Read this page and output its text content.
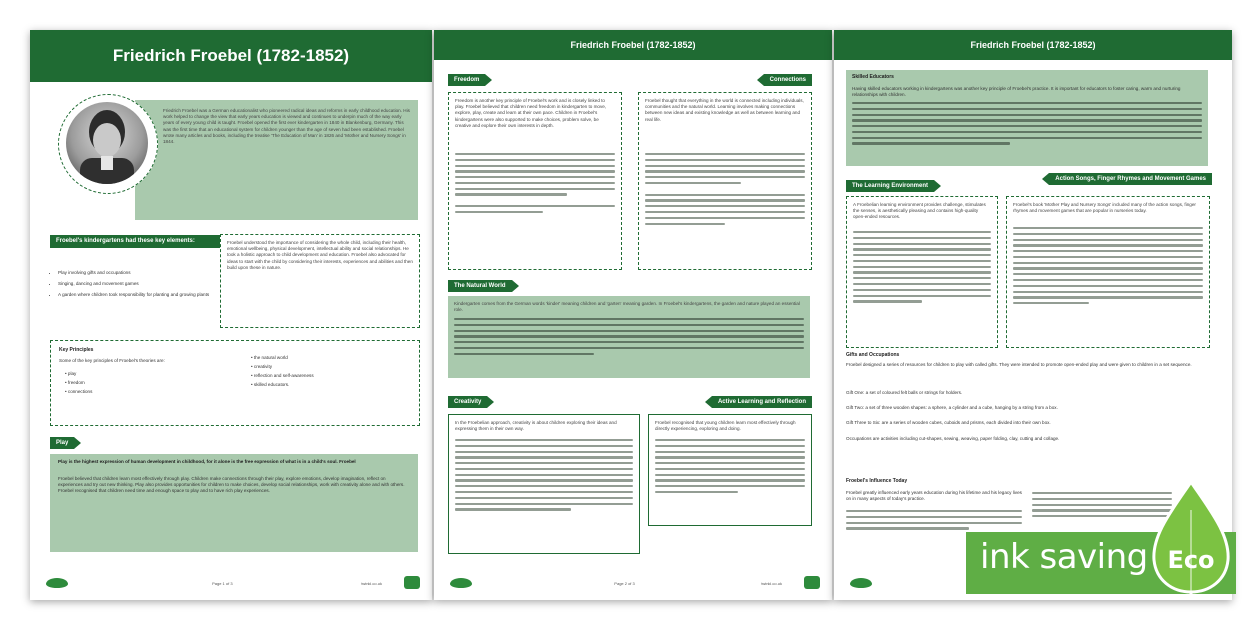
Friedrich Froebel (1782-1852)
Friedrich Froebel was a German educationalist who pioneered radical ideas and reforms in early childhood education. His work helped to change the view that early years education is viewed and continues to underpin much of the way early years of every young child is taught. Froebel opened the first ever kindergarten in 1840 in Blankenburg, Germany. This was the first time that an educational system for children younger than the age of seven had been established. Froebel wrote many articles and books, including the treatise 'The Education of Man' in 1826 and 'Mother and Nursery Songs' in 1844.
Froebel's kindergartens had these key elements:
• Play involving gifts and occupations
• Singing, dancing and movement games
• A garden where children took responsibility for planting and growing plants
Froebel understood the importance of considering the whole child, including their health, emotional wellbeing, physical development, intellectual ability and social relationships. He took a holistic approach to child development and education. Froebel also advocated for ideas to start with the child by considering their interests, experiences and abilities and then build upon these in nature.
Key Principles
Some of the key principles of Froebel's theories are:
• play
• freedom
• connections
• the natural world
• creativity
• reflection and self-awareness
• skilled educators.
Play
Play is the highest expression of human development in childhood, for it alone is the free expression of what is in a child's soul. Froebel
Froebel believed that children learn most effectively through play. Children make connections through their play, explore emotions, develop imagination, reflect on experiences and try out new thinking. Play also provides opportunities for children to make choices, develop social relationships, work with creativity alone and with others. Froebel recognised that children need time and enough space to play and to have rich play experiences.
Page 1 of 3	twinkl.co.uk
Friedrich Froebel (1782-1852)
Freedom	Connections
Freedom is another key principle of Froebel's work and is closely linked to play. Froebel believed that children need freedom in kindergarten to move, explore, play, create and learn at their own pace. Children in Froebel's kindergartens were also supported to make choices, problem solve, be creative and explore their own interests in depth.
Froebel thought that everything in the world is connected including individuals, communities and the natural world. Learning involves making connections between new ideas and existing knowledge as well as between learning and real life.
The Natural World
Kindergarten comes from the German words 'kinder' meaning children and 'garten' meaning garden. In Froebel's kindergartens, the garden and nature played an essential role.
Creativity	Active Learning and Reflection
In the Froebelian approach, creativity is about children exploring their ideas and expressing them in their own way.
Froebel recognised that young children learn most effectively through directly experiencing, exploring and doing.
Page 2 of 3	twinkl.co.uk
Friedrich Froebel (1782-1852)
Skilled Educators
Having skilled educators working in kindergartens was another key principle of Froebel's practice. It is important for educators to foster caring, warm and nurturing relationships with children.
The Learning Environment
Action Songs, Finger Rhymes and Movement Games
A Froebelian learning environment provides challenge, stimulates the senses, is aesthetically pleasing and contains high-quality open-ended resources.
Froebel's book 'Mother Play and Nursery Songs' included many of the action songs, finger rhymes and movement games that are popular in nurseries today.
Gifts and Occupations
Froebel designed a series of resources for children to play with called gifts. They were intended to promote open-ended play and were given to children in a set sequence.
Gift One: a set of coloured felt balls or strings for holders.
Gift Two: a set of three wooden shapes: a sphere, a cylinder and a cube, hanging by a string from a box.
Gift Three to Six: are a series of wooden cubes, cuboids and prisms, each divided into their own box.
Occupations are activities including cut-shapes, sewing, weaving, paper folding, clay, cutting and collage.
Froebel's Influence Today
Froebel greatly influenced early years education during his lifetime and his legacy lives on in many aspects of today's practice.
ink saving Eco
